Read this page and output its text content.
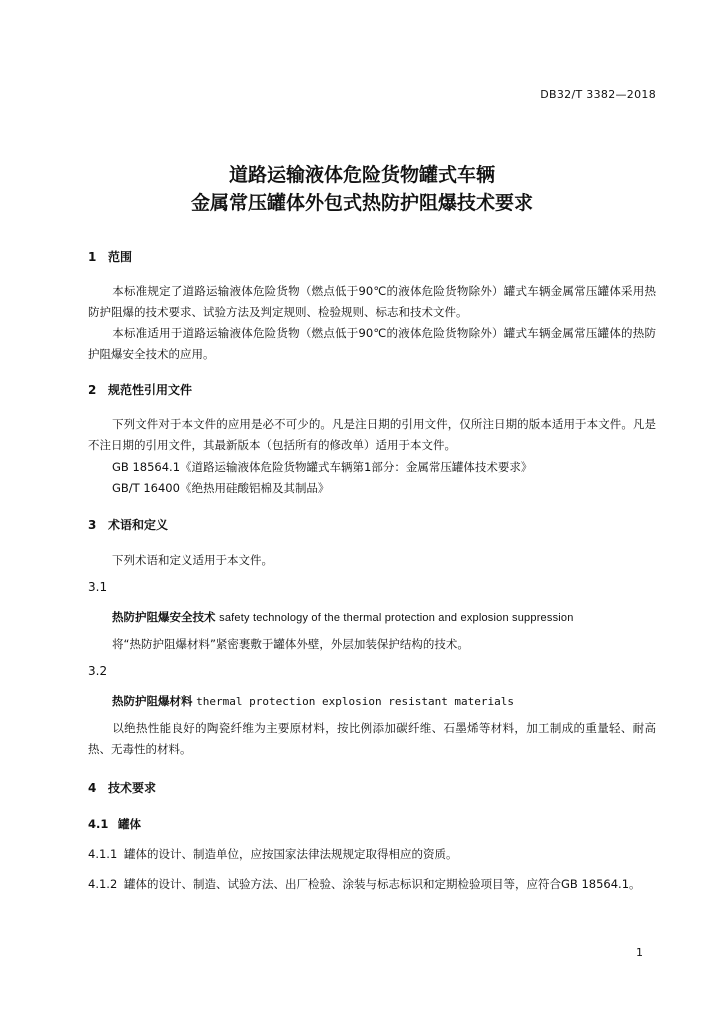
DB32/T 3382—2018
道路运输液体危险货物罐式车辆
金属常压罐体外包式热防护阻爆技术要求
1 范围
本标准规定了道路运输液体危险货物（燃点低于90℃的液体危险货物除外）罐式车辆金属常压罐体采用热防护阻爆的技术要求、试验方法及判定规则、检验规则、标志和技术文件。
本标准适用于道路运输液体危险货物（燃点低于90℃的液体危险货物除外）罐式车辆金属常压罐体的热防护阻爆安全技术的应用。
2 规范性引用文件
下列文件对于本文件的应用是必不可少的。凡是注日期的引用文件，仅所注日期的版本适用于本文件。凡是不注日期的引用文件，其最新版本（包括所有的修改单）适用于本文件。
GB 18564.1《道路运输液体危险货物罐式车辆第1部分：金属常压罐体技术要求》
GB/T 16400《绝热用硅酸铝棉及其制品》
3 术语和定义
下列术语和定义适用于本文件。
3.1
热防护阻爆安全技术 safety technology of the thermal protection and explosion suppression
将“热防护阻爆材料”紧密裹敷于罐体外壁，外层加装保护结构的技术。
3.2
热防护阻爆材料 thermal protection explosion resistant materials
以绝热性能良好的陶瓷纤维为主要原材料，按比例添加碳纤维、石墨烯等材料，加工制成的重量轻、耐高热、无毒性的材料。
4 技术要求
4.1 罐体
4.1.1 罐体的设计、制造单位，应按国家法律法规规定取得相应的资质。
4.1.2 罐体的设计、制造、试验方法、出厂检验、涂装与标志标识和定期检验项目等，应符合GB 18564.1。
1
